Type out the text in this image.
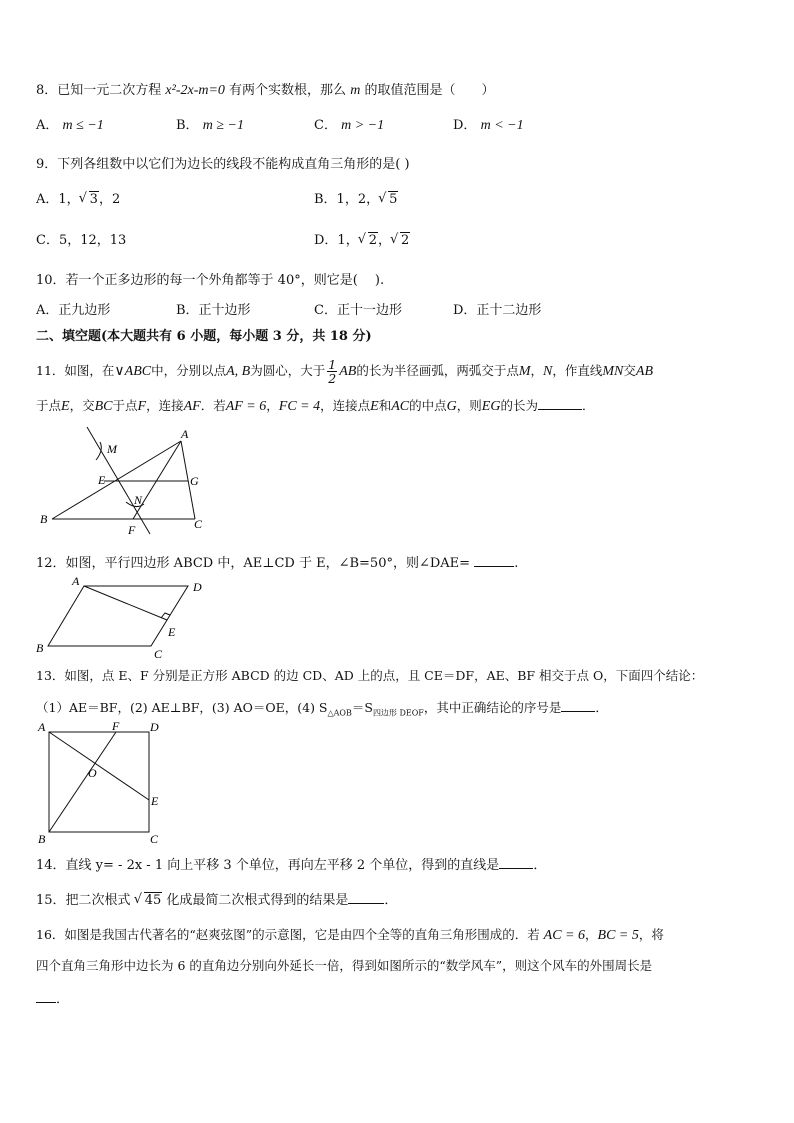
8．已知一元二次方程 x²-2x-m=0 有两个实数根，那么 m 的取值范围是（　　）
A． m ≤ −1	B． m ≥ −1	C． m > −1	D． m < −1
9．下列各组数中以它们为边长的线段不能构成直角三角形的是( )
A．1， √ 3，2	B．1，2， √ 5
C．5，12，13	D．1， √ 2， √ 2
10．若一个正多边形的每一个外角都等于 40°，则它是(　 ).
A．正九边形	B．正十边形	C．正十一边形	D．正十二边形
二、填空题(本大题共有 6 小题，每小题 3 分，共 18 分)
11．如图，在∨ABC中，分别以点A, B为圆心，大于 $\frac{1}{2}$ AB的长为半径画弧，两弧交于点M，N，作直线MN交AB
于点E，交BC于点F，连接AF．若AF = 6，FC = 4，连接点E和AC的中点G，则EG的长为	．
A
B	C
E	G
M
N
F
12．如图，平行四边形 ABCD 中，AE⊥CD 于 E，∠B=50°，则∠DAE=	.
A
B	C
D
E
13．如图，点 E、F 分别是正方形 ABCD 的边 CD、AD 上的点，且 CE＝DF，AE、BF 相交于点 O，下面四个结论：
（1）AE＝BF，(2) AE⊥BF，(3) AO＝OE，(4) $S_{\triangle AOB}=S_{四边形 DEOF}$，其中正确结论的序号是	．
A
B	C
D
E
F
O
14．直线 y= - 2x - 1 向上平移 3 个单位，再向左平移 2 个单位，得到的直线是	．
15．把二次根式 √ 45 化成最简二次根式得到的结果是	．
16．如图是我国古代著名的“赵爽弦图”的示意图，它是由四个全等的直角三角形围成的．若 AC = 6，BC = 5，将
四个直角三角形中边长为 6 的直角边分别向外延长一倍，得到如图所示的“数学风车”，则这个风车的外围周长是
．
